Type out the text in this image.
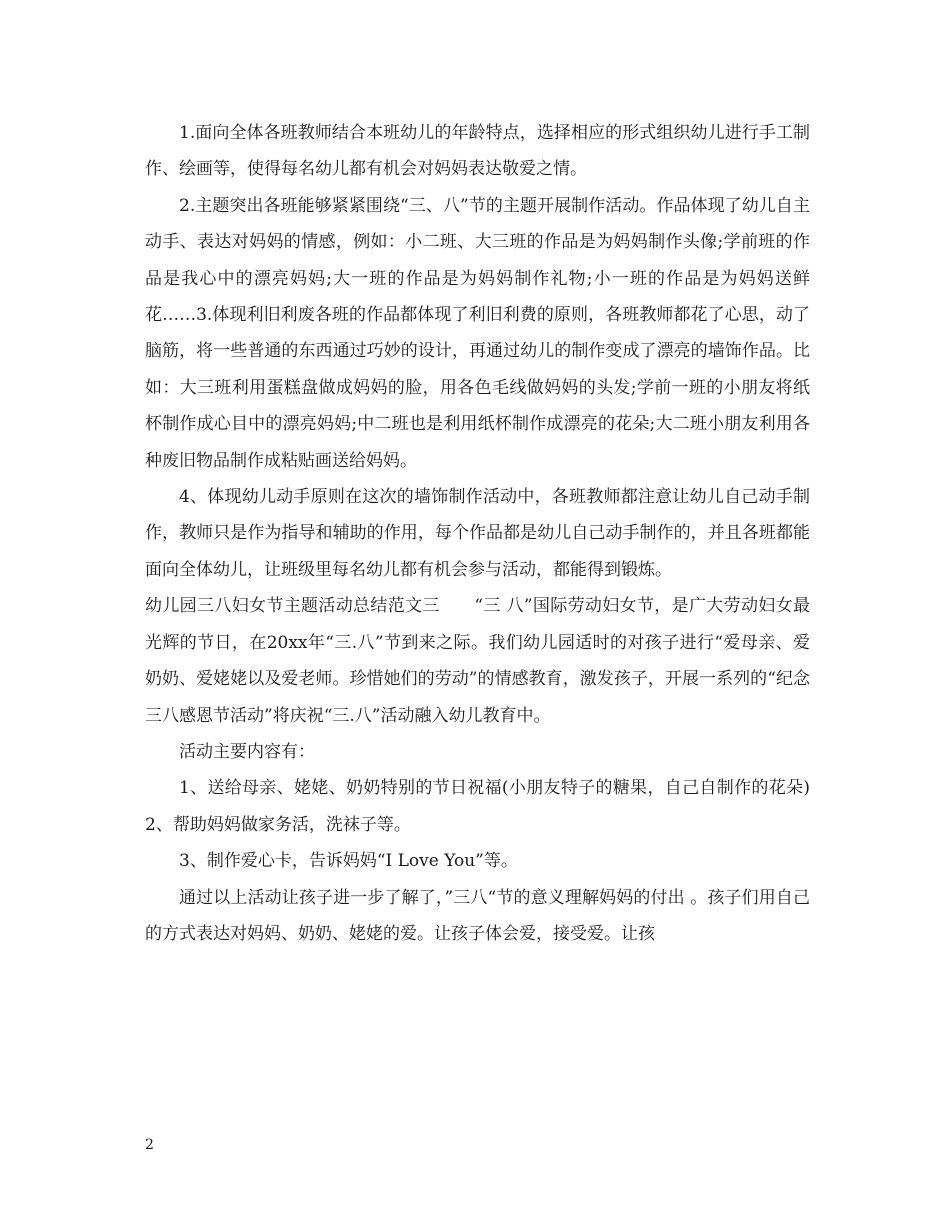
1.面向全体各班教师结合本班幼儿的年龄特点，选择相应的形式组织幼儿进行手工制作、绘画等，使得每名幼儿都有机会对妈妈表达敬爱之情。

2.主题突出各班能够紧紧围绕“三、八”节的主题开展制作活动。作品体现了幼儿自主动手、表达对妈妈的情感，例如：小二班、大三班的作品是为妈妈制作头像;学前班的作品是我心中的漂亮妈妈;大一班的作品是为妈妈制作礼物;小一班的作品是为妈妈送鲜花……3.体现利旧利废各班的作品都体现了利旧利费的原则，各班教师都花了心思，动了脑筋，将一些普通的东西通过巧妙的设计，再通过幼儿的制作变成了漂亮的墙饰作品。比如：大三班利用蛋糕盘做成妈妈的脸，用各色毛线做妈妈的头发;学前一班的小朋友将纸杯制作成心目中的漂亮妈妈;中二班也是利用纸杯制作成漂亮的花朵;大二班小朋友利用各种废旧物品制作成粘贴画送给妈妈。

4、体现幼儿动手原则在这次的墙饰制作活动中，各班教师都注意让幼儿自己动手制作，教师只是作为指导和辅助的作用，每个作品都是幼儿自己动手制作的，并且各班都能面向全体幼儿，让班级里每名幼儿都有机会参与活动，都能得到锻炼。

幼儿园三八妇女节主题活动总结范文三　　“三 八”国际劳动妇女节，是广大劳动妇女最光辉的节日，在20xx年“三.八”节到来之际。我们幼儿园适时的对孩子进行“爱母亲、爱奶奶、爱姥姥以及爱老师。珍惜她们的劳动”的情感教育，激发孩子，开展一系列的“纪念三八感恩节活动”将庆祝“三.八”活动融入幼儿教育中。

活动主要内容有：

1、送给母亲、姥姥、奶奶特别的节日祝福(小朋友特子的糖果，自己自制作的花朵)2、帮助妈妈做家务活，洗袜子等。

3、制作爱心卡，告诉妈妈“I Love You”等。

通过以上活动让孩子进一步了解了，”三八“节的意义理解妈妈的付出 。孩子们用自己的方式表达对妈妈、奶奶、姥姥的爱。让孩子体会爱，接受爱。让孩

2
